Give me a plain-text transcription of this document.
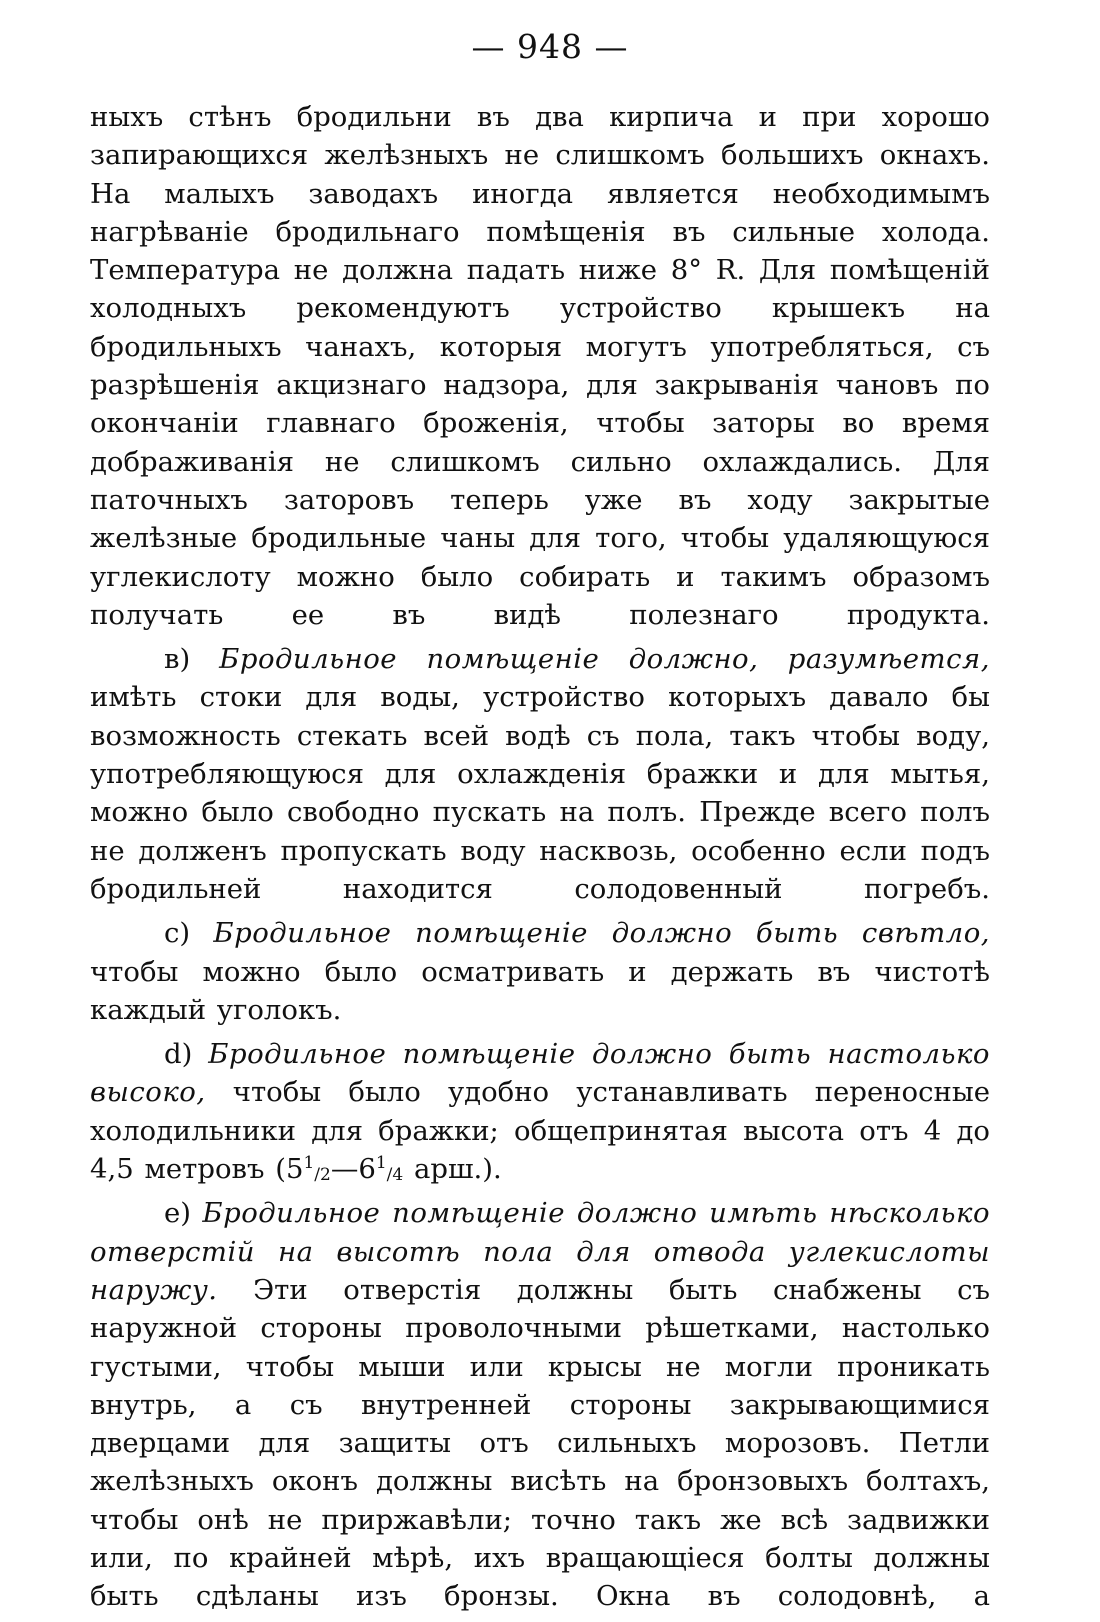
— 948 —

ныхъ стѣнъ бродильни въ два кирпича и при хорошо запирающихся желѣзныхъ не слишкомъ большихъ окнахъ. На малыхъ заводахъ иногда является необходимымъ нагрѣваніе бродильнаго помѣщенія въ сильные холода. Температура не должна падать ниже 8° R. Для помѣщеній холодныхъ рекомендуютъ устройство крышекъ на бродильныхъ чанахъ, которыя могутъ употребляться, съ разрѣшенія акцизнаго надзора, для закрыванія чановъ по окончаніи главнаго броженія, чтобы заторы во время дображиванія не слишкомъ сильно охлаждались. Для паточныхъ заторовъ теперь уже въ ходу закрытые желѣзные бродильные чаны для того, чтобы удаляющуюся углекислоту можно было собирать и такимъ образомъ получать ее въ видѣ полезнаго продукта.

в) Бродильное помѣщеніе должно, разумѣется, имѣть стоки для воды, устройство которыхъ давало бы возможность стекать всей водѣ съ пола, такъ чтобы воду, употребляющуюся для охлажденія бражки и для мытья, можно было свободно пускать на полъ. Прежде всего полъ не долженъ пропускать воду насквозь, особенно если подъ бродильней находится солодовенный погребъ.

c) Бродильное помѣщеніе должно быть свѣтло, чтобы можно было осматривать и держать въ чистотѣ каждый уголокъ.

d) Бродильное помѣщеніе должно быть настолько высоко, чтобы было удобно устанавливать переносные холодильники для бражки; общепринятая высота отъ 4 до 4,5 метровъ ($5^1/2—6^1/4$ арш.).

e) Бродильное помѣщеніе должно имѣть нѣсколько отверстій на высотѣ пола для отвода углекислоты наружу. Эти отверстія должны быть снабжены съ наружной стороны проволочными рѣшетками, настолько густыми, чтобы мыши или крысы не могли проникать внутрь, а съ внутренней стороны закрывающимися дверцами для защиты отъ сильныхъ морозовъ. Петли желѣзныхъ оконъ должны висѣть на бронзовыхъ болтахъ, чтобы онѣ не приржавѣли; точно такъ же всѣ задвижки или, по крайней мѣрѣ, ихъ вращающіеся болты должны быть сдѣланы изъ бронзы. Окна въ солодовнѣ, а
